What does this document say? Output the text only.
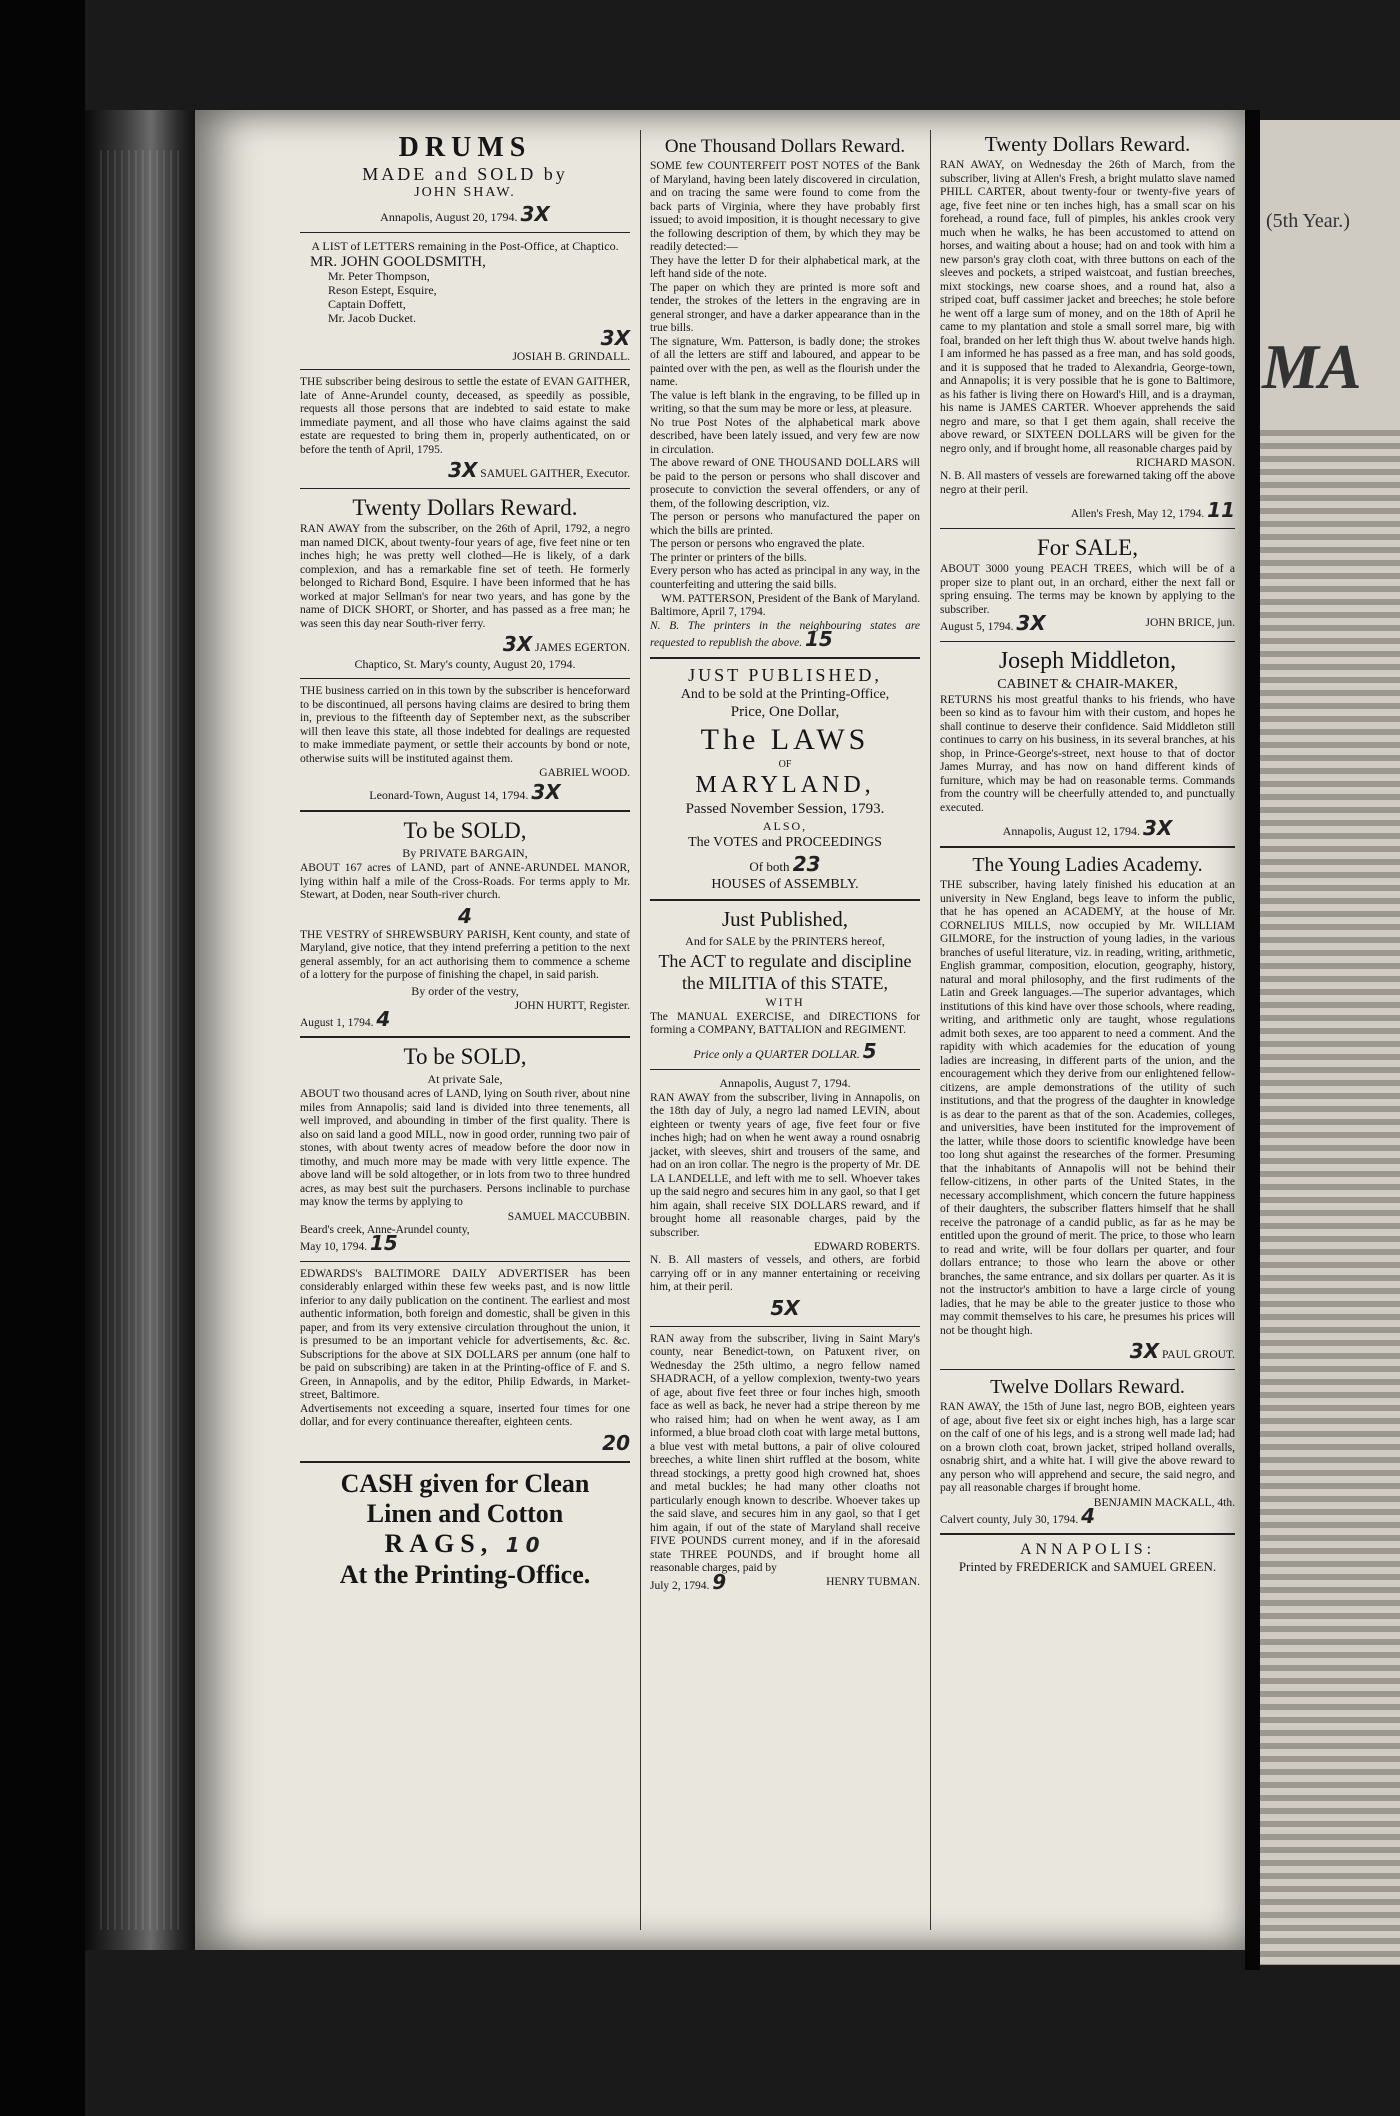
DRUMS

MADE and SOLD by

JOHN SHAW.

Annapolis, August 20, 1794. 3X

A LIST of LETTERS remaining in the Post-Office, at Chaptico.

MR. JOHN GOOLDSMITH,
Mr. Peter Thompson,
Reson Estept, Esquire,
Captain Doffett,
Mr. Jacob Ducket.

3X

JOSIAH B. GRINDALL.

THE subscriber being desirous to settle the estate of EVAN GAITHER, late of Anne-Arundel county, deceased, as speedily as possible, requests all those persons that are indebted to said estate to make immediate payment, and all those who have claims against the said estate are requested to bring them in, properly authenticated, on or before the tenth of April, 1795.

3X SAMUEL GAITHER, Executor.

Twenty Dollars Reward.

RAN AWAY from the subscriber, on the 26th of April, 1792, a negro man named DICK, about twenty-four years of age, five feet nine or ten inches high; he was pretty well clothed—He is likely, of a dark complexion, and has a remarkable fine set of teeth. He formerly belonged to Richard Bond, Esquire. I have been informed that he has worked at major Sellman's for near two years, and has gone by the name of DICK SHORT, or Shorter, and has passed as a free man; he was seen this day near South-river ferry.

3X JAMES EGERTON.

Chaptico, St. Mary's county, August 20, 1794.

THE business carried on in this town by the subscriber is henceforward to be discontinued, all persons having claims are desired to bring them in, previous to the fifteenth day of September next, as the subscriber will then leave this state, all those indebted for dealings are requested to make immediate payment, or settle their accounts by bond or note, otherwise suits will be instituted against them.

GABRIEL WOOD.

Leonard-Town, August 14, 1794. 3X

To be SOLD,

By PRIVATE BARGAIN,

ABOUT 167 acres of LAND, part of ANNE-ARUNDEL MANOR, lying within half a mile of the Cross-Roads. For terms apply to Mr. Stewart, at Doden, near South-river church.

4

THE VESTRY of SHREWSBURY PARISH, Kent county, and state of Maryland, give notice, that they intend preferring a petition to the next general assembly, for an act authorising them to commence a scheme of a lottery for the purpose of finishing the chapel, in said parish.

By order of the vestry,

JOHN HURTT, Register.

August 1, 1794. 4

To be SOLD,

At private Sale,

ABOUT two thousand acres of LAND, lying on South river, about nine miles from Annapolis; said land is divided into three tenements, all well improved, and abounding in timber of the first quality. There is also on said land a good MILL, now in good order, running two pair of stones, with about twenty acres of meadow before the door now in timothy, and much more may be made with very little expence. The above land will be sold altogether, or in lots from two to three hundred acres, as may best suit the purchasers. Persons inclinable to purchase may know the terms by applying to

SAMUEL MACCUBBIN.

Beard's creek, Anne-Arundel county,

May 10, 1794. 15

EDWARDS's BALTIMORE DAILY ADVERTISER has been considerably enlarged within these few weeks past, and is now little inferior to any daily publication on the continent. The earliest and most authentic information, both foreign and domestic, shall be given in this paper, and from its very extensive circulation throughout the union, it is presumed to be an important vehicle for advertisements, &c. &c. Subscriptions for the above at SIX DOLLARS per annum (one half to be paid on subscribing) are taken in at the Printing-office of F. and S. Green, in Annapolis, and by the editor, Philip Edwards, in Market-street, Baltimore.

Advertisements not exceeding a square, inserted four times for one dollar, and for every continuance thereafter, eighteen cents.

20

CASH given for Clean
Linen and Cotton
RAGS, 10
At the Printing-Office.

One Thousand Dollars Reward.

SOME few COUNTERFEIT POST NOTES of the Bank of Maryland, having been lately discovered in circulation, and on tracing the same were found to come from the back parts of Virginia, where they have probably first issued; to avoid imposition, it is thought necessary to give the following description of them, by which they may be readily detected:—

They have the letter D for their alphabetical mark, at the left hand side of the note.

The paper on which they are printed is more soft and tender, the strokes of the letters in the engraving are in general stronger, and have a darker appearance than in the true bills.

The signature, Wm. Patterson, is badly done; the strokes of all the letters are stiff and laboured, and appear to be painted over with the pen, as well as the flourish under the name.

The value is left blank in the engraving, to be filled up in writing, so that the sum may be more or less, at pleasure.

No true Post Notes of the alphabetical mark above described, have been lately issued, and very few are now in circulation.

The above reward of ONE THOUSAND DOLLARS will be paid to the person or persons who shall discover and prosecute to conviction the several offenders, or any of them, of the following description, viz.

The person or persons who manufactured the paper on which the bills are printed.

The person or persons who engraved the plate.

The printer or printers of the bills.

Every person who has acted as principal in any way, in the counterfeiting and uttering the said bills.

WM. PATTERSON, President of the Bank of Maryland.

Baltimore, April 7, 1794.

N. B. The printers in the neighbouring states are requested to republish the above. 15

JUST PUBLISHED,

And to be sold at the Printing-Office,

Price, One Dollar,

The LAWS

OF

MARYLAND,

Passed November Session, 1793.

ALSO,

The VOTES and PROCEEDINGS

Of both 23

HOUSES of ASSEMBLY.

Just Published,

And for SALE by the PRINTERS hereof,

The ACT to regulate and discipline the MILITIA of this STATE,

WITH

The MANUAL EXERCISE, and DIRECTIONS for forming a COMPANY, BATTALION and REGIMENT.

Price only a QUARTER DOLLAR. 5

Annapolis, August 7, 1794.

RAN AWAY from the subscriber, living in Annapolis, on the 18th day of July, a negro lad named LEVIN, about eighteen or twenty years of age, five feet four or five inches high; had on when he went away a round osnabrig jacket, with sleeves, shirt and trousers of the same, and had on an iron collar. The negro is the property of Mr. DE LA LANDELLE, and left with me to sell. Whoever takes up the said negro and secures him in any gaol, so that I get him again, shall receive SIX DOLLARS reward, and if brought home all reasonable charges, paid by the subscriber.

EDWARD ROBERTS.

N. B. All masters of vessels, and others, are forbid carrying off or in any manner entertaining or receiving him, at their peril.

5X

RAN away from the subscriber, living in Saint Mary's county, near Benedict-town, on Patuxent river, on Wednesday the 25th ultimo, a negro fellow named SHADRACH, of a yellow complexion, twenty-two years of age, about five feet three or four inches high, smooth face as well as back, he never had a stripe thereon by me who raised him; had on when he went away, as I am informed, a blue broad cloth coat with large metal buttons, a blue vest with metal buttons, a pair of olive coloured breeches, a white linen shirt ruffled at the bosom, white thread stockings, a pretty good high crowned hat, shoes and metal buckles; he had many other cloaths not particularly enough known to describe. Whoever takes up the said slave, and secures him in any gaol, so that I get him again, if out of the state of Maryland shall receive FIVE POUNDS current money, and if in the aforesaid state THREE POUNDS, and if brought home all reasonable charges, paid by

July 2, 1794. 9	HENRY TUBMAN.

Twenty Dollars Reward.

RAN AWAY, on Wednesday the 26th of March, from the subscriber, living at Allen's Fresh, a bright mulatto slave named PHILL CARTER, about twenty-four or twenty-five years of age, five feet nine or ten inches high, has a small scar on his forehead, a round face, full of pimples, his ankles crook very much when he walks, he has been accustomed to attend on horses, and waiting about a house; had on and took with him a new parson's gray cloth coat, with three buttons on each of the sleeves and pockets, a striped waistcoat, and fustian breeches, mixt stockings, new coarse shoes, and a round hat, also a striped coat, buff cassimer jacket and breeches; he stole before he went off a large sum of money, and on the 18th of April he came to my plantation and stole a small sorrel mare, big with foal, branded on her left thigh thus W. about twelve hands high. I am informed he has passed as a free man, and has sold goods, and it is supposed that he traded to Alexandria, George-town, and Annapolis; it is very possible that he is gone to Baltimore, as his father is living there on Howard's Hill, and is a drayman, his name is JAMES CARTER. Whoever apprehends the said negro and mare, so that I get them again, shall receive the above reward, or SIXTEEN DOLLARS will be given for the negro only, and if brought home, all reasonable charges paid by

RICHARD MASON.

N. B. All masters of vessels are forewarned taking off the above negro at their peril.

Allen's Fresh, May 12, 1794. 11

For SALE,

ABOUT 3000 young PEACH TREES, which will be of a proper size to plant out, in an orchard, either the next fall or spring ensuing. The terms may be known by applying to the subscriber.

August 5, 1794. 3X	JOHN BRICE, jun.

Joseph Middleton,

CABINET & CHAIR-MAKER,

RETURNS his most greatful thanks to his friends, who have been so kind as to favour him with their custom, and hopes he shall continue to deserve their confidence. Said Middleton still continues to carry on his business, in its several branches, at his shop, in Prince-George's-street, next house to that of doctor James Murray, and has now on hand different kinds of furniture, which may be had on reasonable terms. Commands from the country will be cheerfully attended to, and punctually executed.

Annapolis, August 12, 1794. 3X

The Young Ladies Academy.

THE subscriber, having lately finished his education at an university in New England, begs leave to inform the public, that he has opened an ACADEMY, at the house of Mr. CORNELIUS MILLS, now occupied by Mr. WILLIAM GILMORE, for the instruction of young ladies, in the various branches of useful literature, viz. in reading, writing, arithmetic, English grammar, composition, elocution, geography, history, natural and moral philosophy, and the first rudiments of the Latin and Greek languages.—The superior advantages, which institutions of this kind have over those schools, where reading, writing, and arithmetic only are taught, whose regulations admit both sexes, are too apparent to need a comment. And the rapidity with which academies for the education of young ladies are increasing, in different parts of the union, and the encouragement which they derive from our enlightened fellow-citizens, are ample demonstrations of the utility of such institutions, and that the progress of the daughter in knowledge is as dear to the parent as that of the son. Academies, colleges, and universities, have been instituted for the improvement of the latter, while those doors to scientific knowledge have been too long shut against the researches of the former. Presuming that the inhabitants of Annapolis will not be behind their fellow-citizens, in other parts of the United States, in the necessary accomplishment, which concern the future happiness of their daughters, the subscriber flatters himself that he shall receive the patronage of a candid public, as far as he may be entitled upon the ground of merit. The price, to those who learn to read and write, will be four dollars per quarter, and four dollars entrance; to those who learn the above or other branches, the same entrance, and six dollars per quarter. As it is not the instructor's ambition to have a large circle of young ladies, that he may be able to the greater justice to those who may commit themselves to his care, he presumes his prices will not be thought high.

3X PAUL GROUT.

Twelve Dollars Reward.

RAN AWAY, the 15th of June last, negro BOB, eighteen years of age, about five feet six or eight inches high, has a large scar on the calf of one of his legs, and is a strong well made lad; had on a brown cloth coat, brown jacket, striped holland overalls, osnabrig shirt, and a white hat. I will give the above reward to any person who will apprehend and secure, the said negro, and pay all reasonable charges if brought home.

BENJAMIN MACKALL, 4th.

Calvert county, July 30, 1794. 4

ANNAPOLIS:

Printed by FREDERICK and SAMUEL GREEN.

(5th Year.)
MA
